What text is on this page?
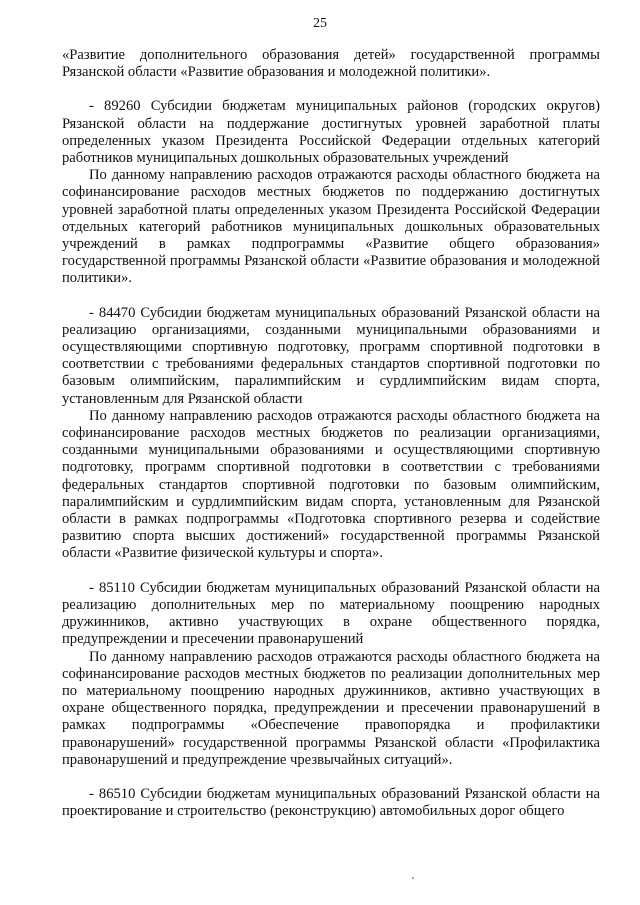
25

«Развитие дополнительного образования детей» государственной программы Рязанской области «Развитие образования и молодежной политики».

- 89260 Субсидии бюджетам муниципальных районов (городских округов) Рязанской области на поддержание достигнутых уровней заработной платы определенных указом Президента Российской Федерации отдельных категорий работников муниципальных дошкольных образовательных учреждений

По данному направлению расходов отражаются расходы областного бюджета на софинансирование расходов местных бюджетов по поддержанию достигнутых уровней заработной платы определенных указом Президента Российской Федерации отдельных категорий работников муниципальных дошкольных образовательных учреждений в рамках подпрограммы «Развитие общего образования» государственной программы Рязанской области «Развитие образования и молодежной политики».

- 84470 Субсидии бюджетам муниципальных образований Рязанской области на реализацию организациями, созданными муниципальными образованиями и осуществляющими спортивную подготовку, программ спортивной подготовки в соответствии с требованиями федеральных стандартов спортивной подготовки по базовым олимпийским, паралимпийским и сурдлимпийским видам спорта, установленным для Рязанской области

По данному направлению расходов отражаются расходы областного бюджета на софинансирование расходов местных бюджетов по реализации организациями, созданными муниципальными образованиями и осуществляющими спортивную подготовку, программ спортивной подготовки в соответствии с требованиями федеральных стандартов спортивной подготовки по базовым олимпийским, паралимпийским и сурдлимпийским видам спорта, установленным для Рязанской области в рамках подпрограммы «Подготовка спортивного резерва и содействие развитию спорта высших достижений» государственной программы Рязанской области «Развитие физической культуры и спорта».

- 85110 Субсидии бюджетам муниципальных образований Рязанской области на реализацию дополнительных мер по материальному поощрению народных дружинников, активно участвующих в охране общественного порядка, предупреждении и пресечении правонарушений

По данному направлению расходов отражаются расходы областного бюджета на софинансирование расходов местных бюджетов по реализации дополнительных мер по материальному поощрению народных дружинников, активно участвующих в охране общественного порядка, предупреждении и пресечении правонарушений в рамках подпрограммы «Обеспечение правопорядка и профилактики правонарушений» государственной программы Рязанской области «Профилактика правонарушений и предупреждение чрезвычайных ситуаций».

- 86510 Субсидии бюджетам муниципальных образований Рязанской области на проектирование и строительство (реконструкцию) автомобильных дорог общего
